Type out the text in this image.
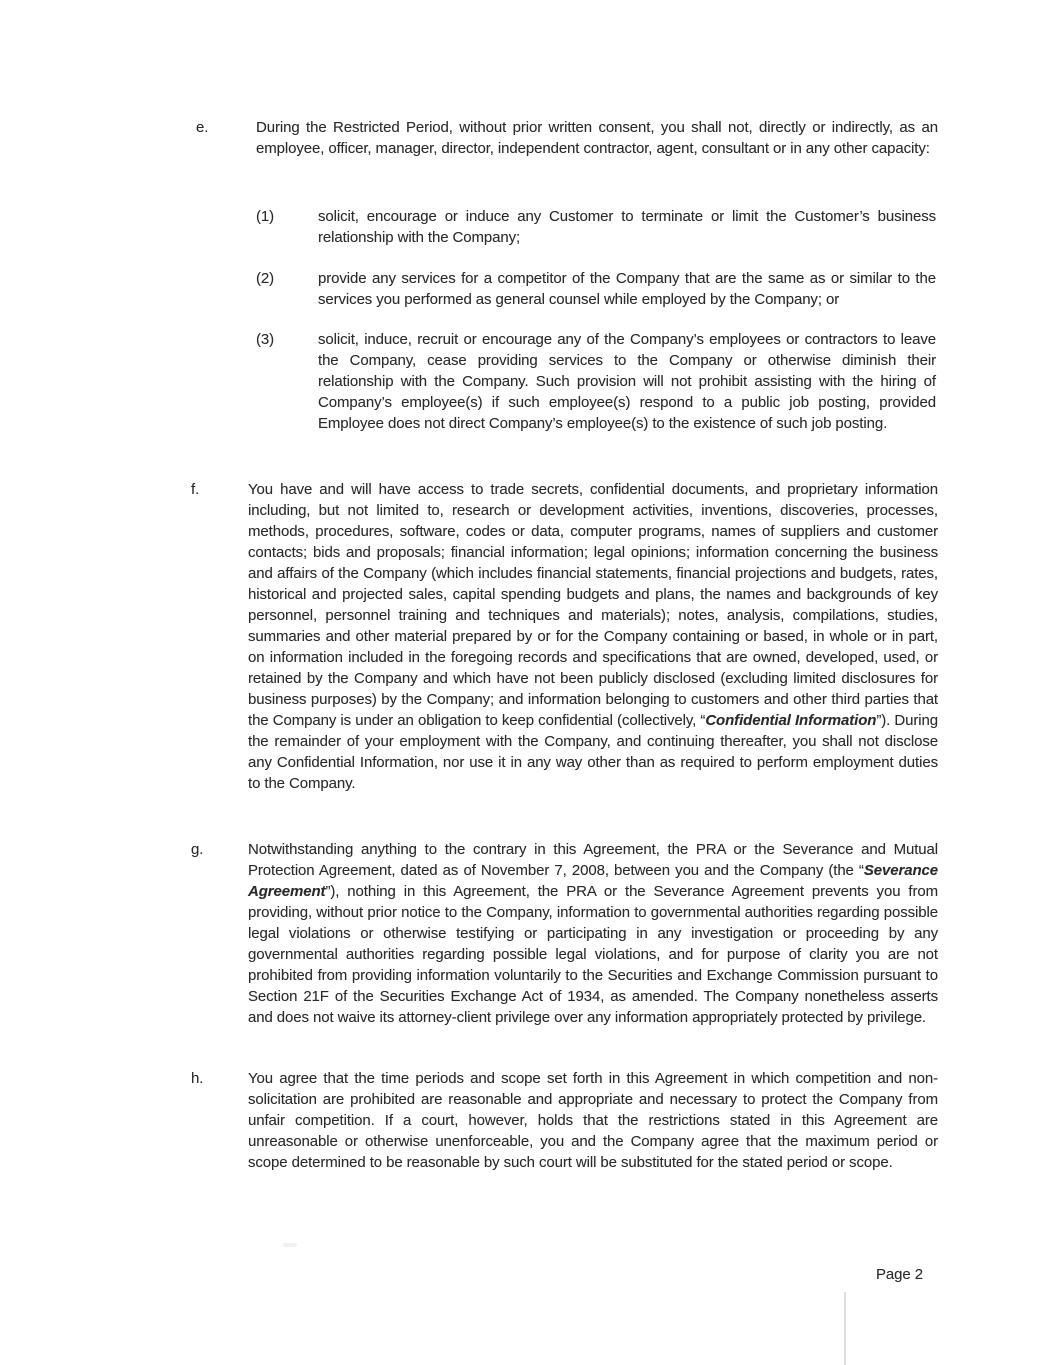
e.	During the Restricted Period, without prior written consent, you shall not, directly or indirectly, as an employee, officer, manager, director, independent contractor, agent, consultant or in any other capacity:

(1)	solicit, encourage or induce any Customer to terminate or limit the Customer’s business relationship with the Company;

(2)	provide any services for a competitor of the Company that are the same as or similar to the services you performed as general counsel while employed by the Company; or

(3)	solicit, induce, recruit or encourage any of the Company’s employees or contractors to leave the Company, cease providing services to the Company or otherwise diminish their relationship with the Company. Such provision will not prohibit assisting with the hiring of Company’s employee(s) if such employee(s) respond to a public job posting, provided Employee does not direct Company’s employee(s) to the existence of such job posting.

f.	You have and will have access to trade secrets, confidential documents, and proprietary information including, but not limited to, research or development activities, inventions, discoveries, processes, methods, procedures, software, codes or data, computer programs, names of suppliers and customer contacts; bids and proposals; financial information; legal opinions; information concerning the business and affairs of the Company (which includes financial statements, financial projections and budgets, rates, historical and projected sales, capital spending budgets and plans, the names and backgrounds of key personnel, personnel training and techniques and materials); notes, analysis, compilations, studies, summaries and other material prepared by or for the Company containing or based, in whole or in part, on information included in the foregoing records and specifications that are owned, developed, used, or retained by the Company and which have not been publicly disclosed (excluding limited disclosures for business purposes) by the Company; and information belonging to customers and other third parties that the Company is under an obligation to keep confidential (collectively, “Confidential Information”). During the remainder of your employment with the Company, and continuing thereafter, you shall not disclose any Confidential Information, nor use it in any way other than as required to perform employment duties to the Company.

g.	Notwithstanding anything to the contrary in this Agreement, the PRA or the Severance and Mutual Protection Agreement, dated as of November 7, 2008, between you and the Company (the “Severance Agreement”), nothing in this Agreement, the PRA or the Severance Agreement prevents you from providing, without prior notice to the Company, information to governmental authorities regarding possible legal violations or otherwise testifying or participating in any investigation or proceeding by any governmental authorities regarding possible legal violations, and for purpose of clarity you are not prohibited from providing information voluntarily to the Securities and Exchange Commission pursuant to Section 21F of the Securities Exchange Act of 1934, as amended. The Company nonetheless asserts and does not waive its attorney-client privilege over any information appropriately protected by privilege.

h.	You agree that the time periods and scope set forth in this Agreement in which competition and non-solicitation are prohibited are reasonable and appropriate and necessary to protect the Company from unfair competition. If a court, however, holds that the restrictions stated in this Agreement are unreasonable or otherwise unenforceable, you and the Company agree that the maximum period or scope determined to be reasonable by such court will be substituted for the stated period or scope.

Page 2
